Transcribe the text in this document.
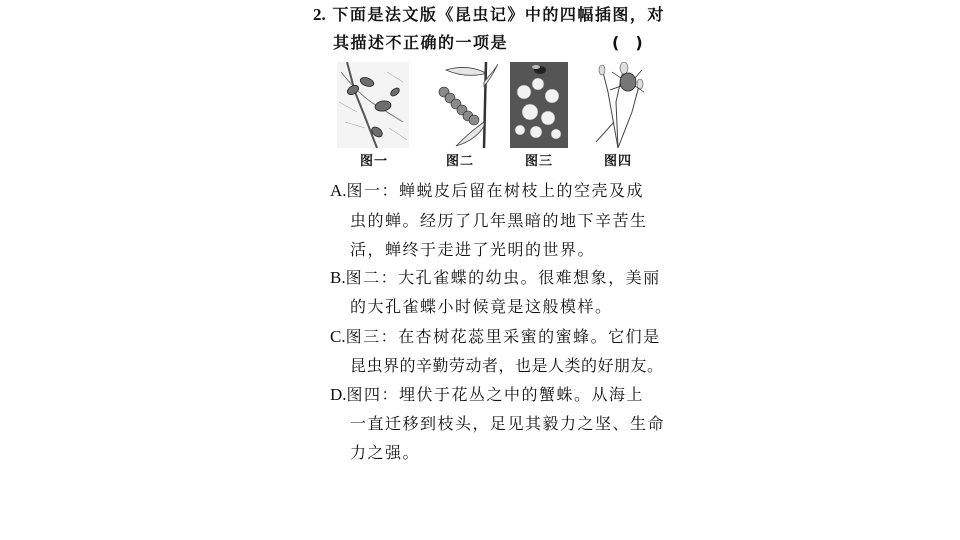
2. 下面是法文版《昆虫记》中的四幅插图，对
其描述不正确的一项是	(　)
图一	图二	图三	图四
A.图一：蝉蜕皮后留在树枝上的空壳及成
虫的蝉。经历了几年黑暗的地下辛苦生
活，蝉终于走进了光明的世界。
B.图二：大孔雀蝶的幼虫。很难想象，美丽
的大孔雀蝶小时候竟是这般模样。
C.图三：在杏树花蕊里采蜜的蜜蜂。它们是
昆虫界的辛勤劳动者，也是人类的好朋友。
D.图四：埋伏于花丛之中的蟹蛛。从海上
一直迁移到枝头，足见其毅力之坚、生命
力之强。
